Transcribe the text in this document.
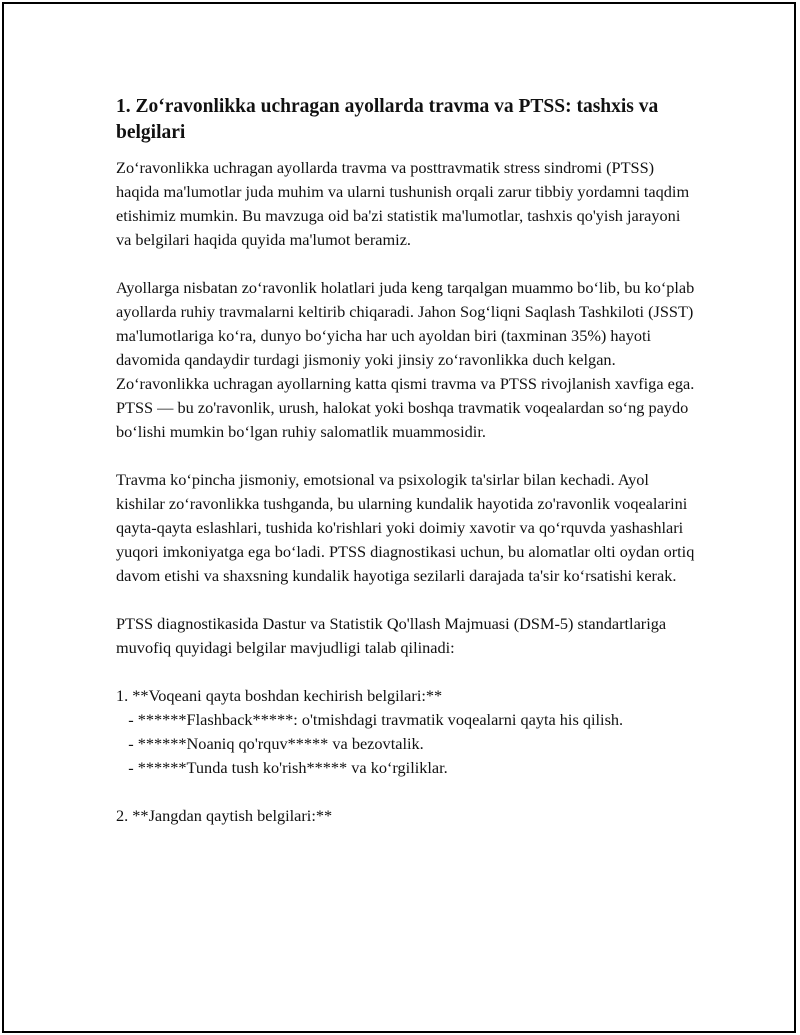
1. Zo‘ravonlikka uchragan ayollarda travma va PTSS: tashxis va belgilari

Zo‘ravonlikka uchragan ayollarda travma va posttravmatik stress sindromi (PTSS) haqida ma'lumotlar juda muhim va ularni tushunish orqali zarur tibbiy yordamni taqdim etishimiz mumkin. Bu mavzuga oid ba'zi statistik ma'lumotlar, tashxis qo'yish jarayoni va belgilari haqida quyida ma'lumot beramiz.

Ayollarga nisbatan zo‘ravonlik holatlari juda keng tarqalgan muammo bo‘lib, bu ko‘plab ayollarda ruhiy travmalarni keltirib chiqaradi. Jahon Sog‘liqni Saqlash Tashkiloti (JSST) ma'lumotlariga ko‘ra, dunyo bo‘yicha har uch ayoldan biri (taxminan 35%) hayoti davomida qandaydir turdagi jismoniy yoki jinsiy zo‘ravonlikka duch kelgan. Zo‘ravonlikka uchragan ayollarning katta qismi travma va PTSS rivojlanish xavfiga ega. PTSS — bu zo'ravonlik, urush, halokat yoki boshqa travmatik voqealardan so‘ng paydo bo‘lishi mumkin bo‘lgan ruhiy salomatlik muammosidir.

Travma ko‘pincha jismoniy, emotsional va psixologik ta'sirlar bilan kechadi. Ayol kishilar zo‘ravonlikka tushganda, bu ularning kundalik hayotida zo'ravonlik voqealarini qayta-qayta eslashlari, tushida ko'rishlari yoki doimiy xavotir va qo‘rquvda yashashlari yuqori imkoniyatga ega bo‘ladi. PTSS diagnostikasi uchun, bu alomatlar olti oydan ortiq davom etishi va shaxsning kundalik hayotiga sezilarli darajada ta'sir ko‘rsatishi kerak.

PTSS diagnostikasida Dastur va Statistik Qo'llash Majmuasi (DSM-5) standartlariga muvofiq quyidagi belgilar mavjudligi talab qilinadi:

1. **Voqeani qayta boshdan kechirish belgilari:**

- ******Flashback*****: o'tmishdagi travmatik voqealarni qayta his qilish.
- ******Noaniq qo'rquv***** va bezovtalik.
- ******Tunda tush ko'rish***** va ko‘rgiliklar.

2. **Jangdan qaytish belgilari:**
